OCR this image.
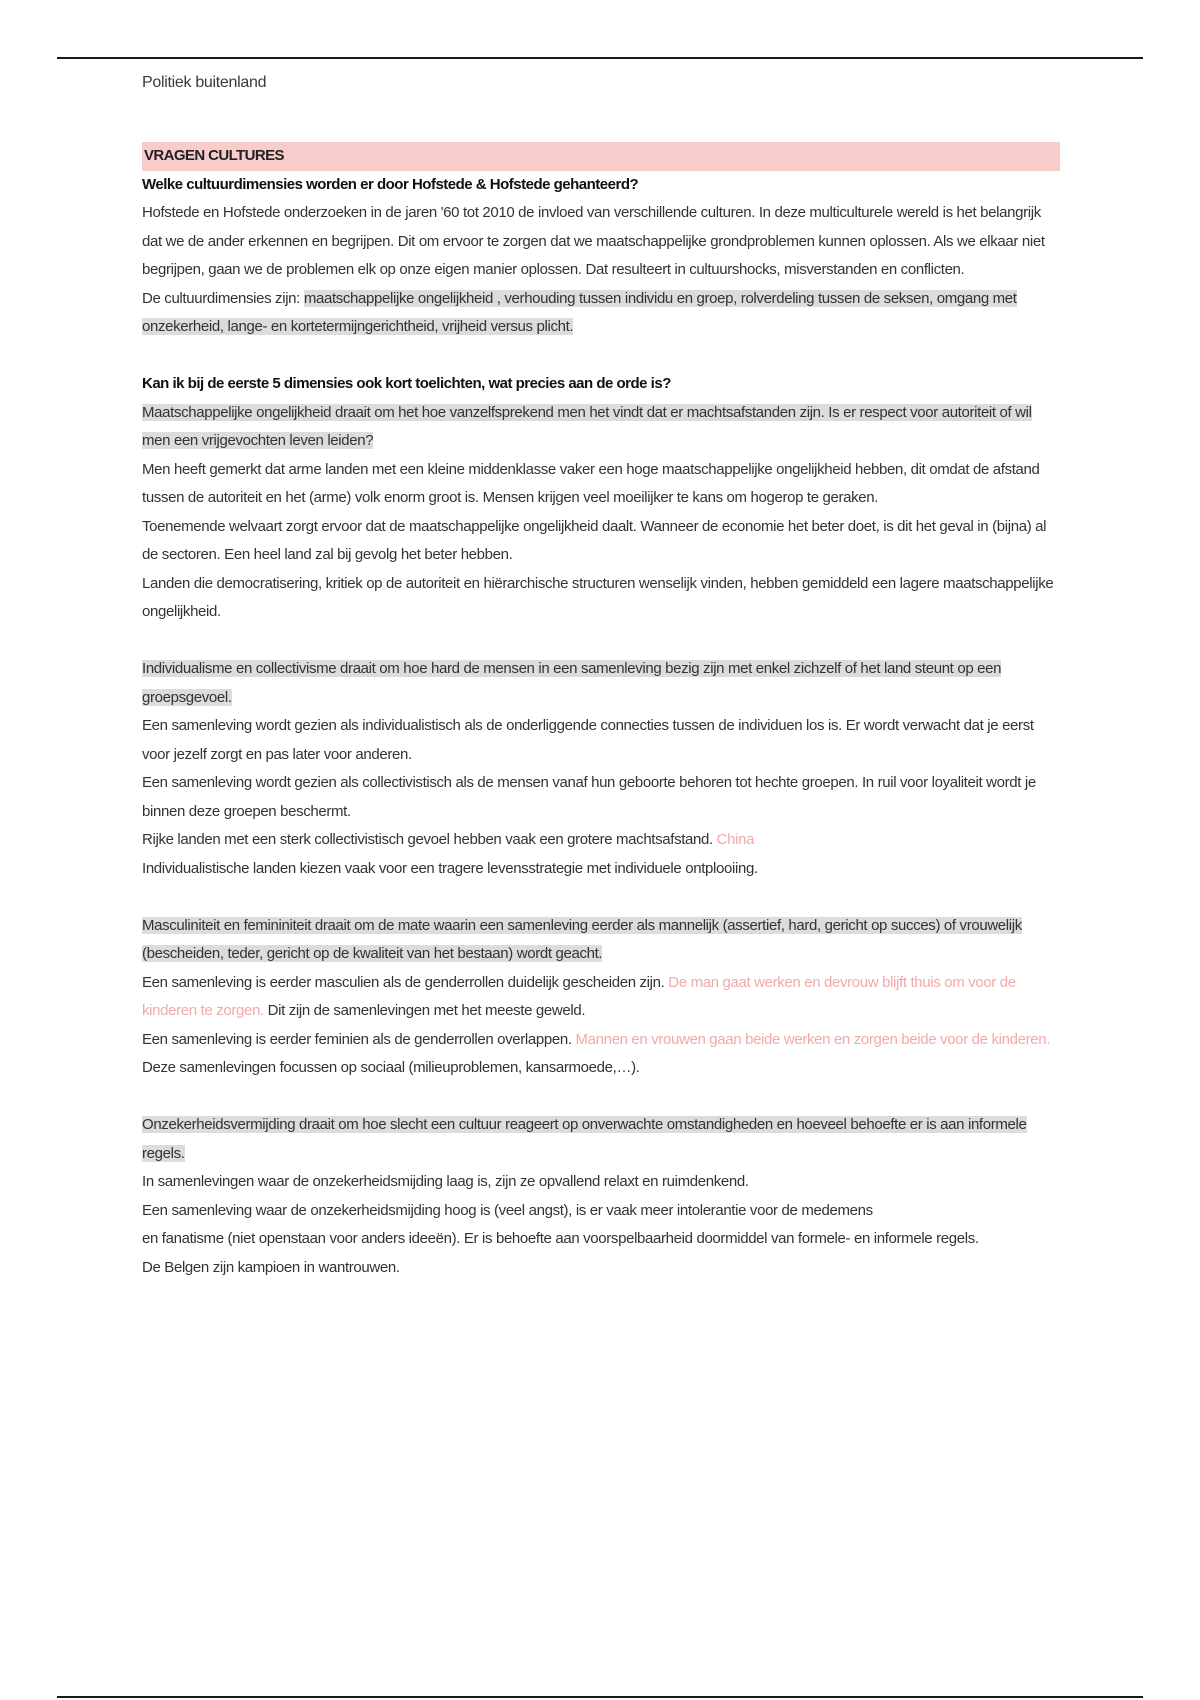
Politiek buitenland

VRAGEN CULTURES

Welke cultuurdimensies worden er door Hofstede & Hofstede gehanteerd?

Hofstede en Hofstede onderzoeken in de jaren '60 tot 2010 de invloed van verschillende culturen. In deze multiculturele wereld is het belangrijk dat we de ander erkennen en begrijpen. Dit om ervoor te zorgen dat we maatschappelijke grondproblemen kunnen oplossen. Als we elkaar niet begrijpen, gaan we de problemen elk op onze eigen manier oplossen. Dat resulteert in cultuurshocks, misverstanden en conflicten.

De cultuurdimensies zijn: maatschappelijke ongelijkheid , verhouding tussen individu en groep, rolverdeling tussen de seksen, omgang met onzekerheid, lange- en kortetermijngerichtheid, vrijheid versus plicht.

Kan ik bij de eerste 5 dimensies ook kort toelichten, wat precies aan de orde is?

Maatschappelijke ongelijkheid draait om het hoe vanzelfsprekend men het vindt dat er machtsafstanden zijn. Is er respect voor autoriteit of wil men een vrijgevochten leven leiden?

Men heeft gemerkt dat arme landen met een kleine middenklasse vaker een hoge maatschappelijke ongelijkheid hebben, dit omdat de afstand tussen de autoriteit en het (arme) volk enorm groot is. Mensen krijgen veel moeilijker te kans om hogerop te geraken.

Toenemende welvaart zorgt ervoor dat de maatschappelijke ongelijkheid daalt. Wanneer de economie het beter doet, is dit het geval in (bijna) al de sectoren. Een heel land zal bij gevolg het beter hebben.

Landen die democratisering, kritiek op de autoriteit en hiërarchische structuren wenselijk vinden, hebben gemiddeld een lagere maatschappelijke ongelijkheid.

Individualisme en collectivisme draait om hoe hard de mensen in een samenleving bezig zijn met enkel zichzelf of het land steunt op een groepsgevoel.

Een samenleving wordt gezien als individualistisch als de onderliggende connecties tussen de individuen los is. Er wordt verwacht dat je eerst voor jezelf zorgt en pas later voor anderen.

Een samenleving wordt gezien als collectivistisch als de mensen vanaf hun geboorte behoren tot hechte groepen. In ruil voor loyaliteit wordt je binnen deze groepen beschermt.

Rijke landen met een sterk collectivistisch gevoel hebben vaak een grotere machtsafstand. China

Individualistische landen kiezen vaak voor een tragere levensstrategie met individuele ontplooiing.

Masculiniteit en femininiteit draait om de mate waarin een samenleving eerder als mannelijk (assertief, hard, gericht op succes) of vrouwelijk (bescheiden, teder, gericht op de kwaliteit van het bestaan) wordt geacht.

Een samenleving is eerder masculien als de genderrollen duidelijk gescheiden zijn. De man gaat werken en devrouw blijft thuis om voor de kinderen te zorgen. Dit zijn de samenlevingen met het meeste geweld.

Een samenleving is eerder feminien als de genderrollen overlappen. Mannen en vrouwen gaan beide werken en zorgen beide voor de kinderen. Deze samenlevingen focussen op sociaal (milieuproblemen, kansarmoede,…).

Onzekerheidsvermijding draait om hoe slecht een cultuur reageert op onverwachte omstandigheden en hoeveel behoefte er is aan informele regels.

In samenlevingen waar de onzekerheidsmijding laag is, zijn ze opvallend relaxt en ruimdenkend.

Een samenleving waar de onzekerheidsmijding hoog is (veel angst), is er vaak meer intolerantie voor de medemens

en fanatisme (niet openstaan voor anders ideeën). Er is behoefte aan voorspelbaarheid doormiddel van formele- en informele regels.

De Belgen zijn kampioen in wantrouwen.
